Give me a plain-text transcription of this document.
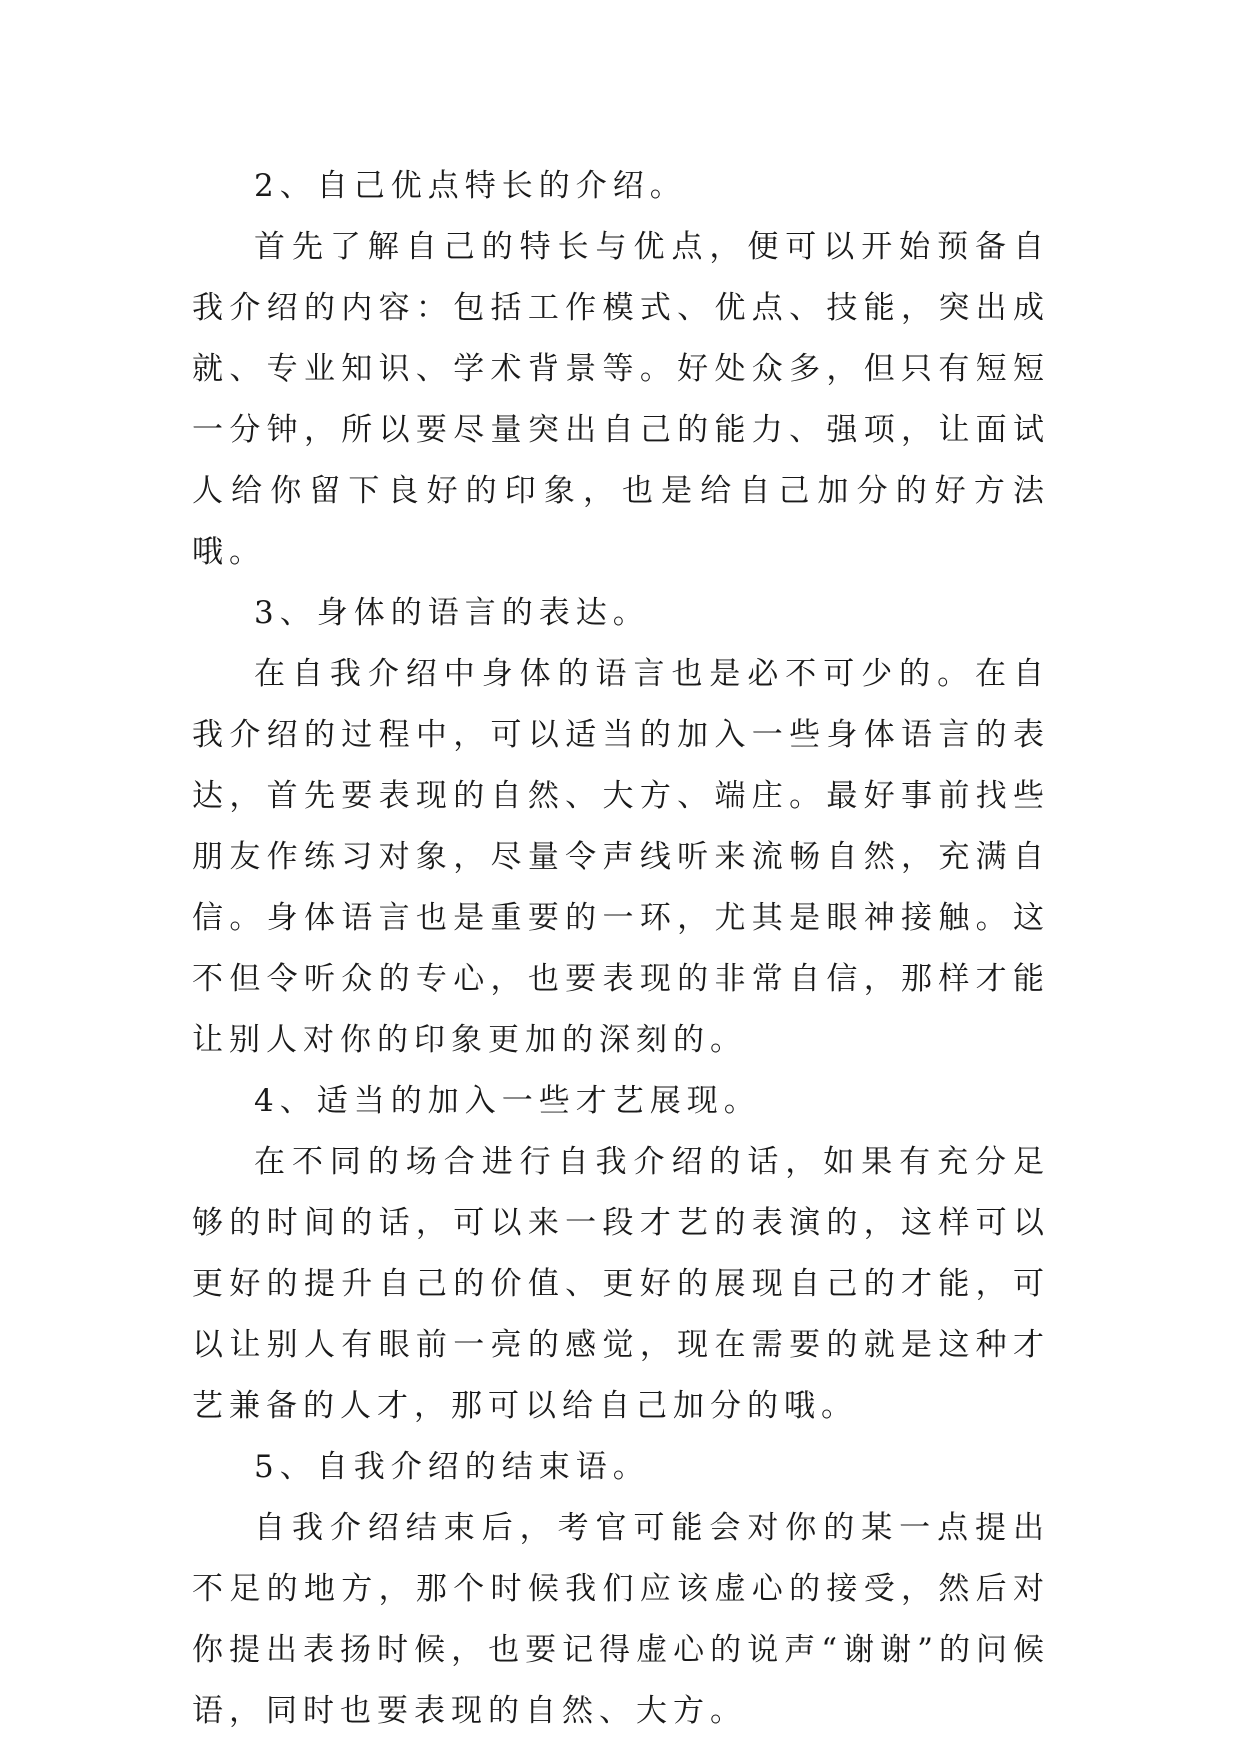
2、自己优点特长的介绍。

首先了解自己的特长与优点，便可以开始预备自我介绍的内容：包括工作模式、优点、技能，突出成就、专业知识、学术背景等。好处众多，但只有短短一分钟，所以要尽量突出自己的能力、强项，让面试人给你留下良好的印象，也是给自己加分的好方法哦。

3、身体的语言的表达。

在自我介绍中身体的语言也是必不可少的。在自我介绍的过程中，可以适当的加入一些身体语言的表达，首先要表现的自然、大方、端庄。最好事前找些朋友作练习对象，尽量令声线听来流畅自然，充满自信。身体语言也是重要的一环，尤其是眼神接触。这不但令听众的专心，也要表现的非常自信，那样才能让别人对你的印象更加的深刻的。

4、适当的加入一些才艺展现。

在不同的场合进行自我介绍的话，如果有充分足够的时间的话，可以来一段才艺的表演的，这样可以更好的提升自己的价值、更好的展现自己的才能，可以让别人有眼前一亮的感觉，现在需要的就是这种才艺兼备的人才，那可以给自己加分的哦。

5、自我介绍的结束语。

自我介绍结束后，考官可能会对你的某一点提出不足的地方，那个时候我们应该虚心的接受，然后对你提出表扬时候，也要记得虚心的说声“谢谢”的问候语，同时也要表现的自然、大方。
